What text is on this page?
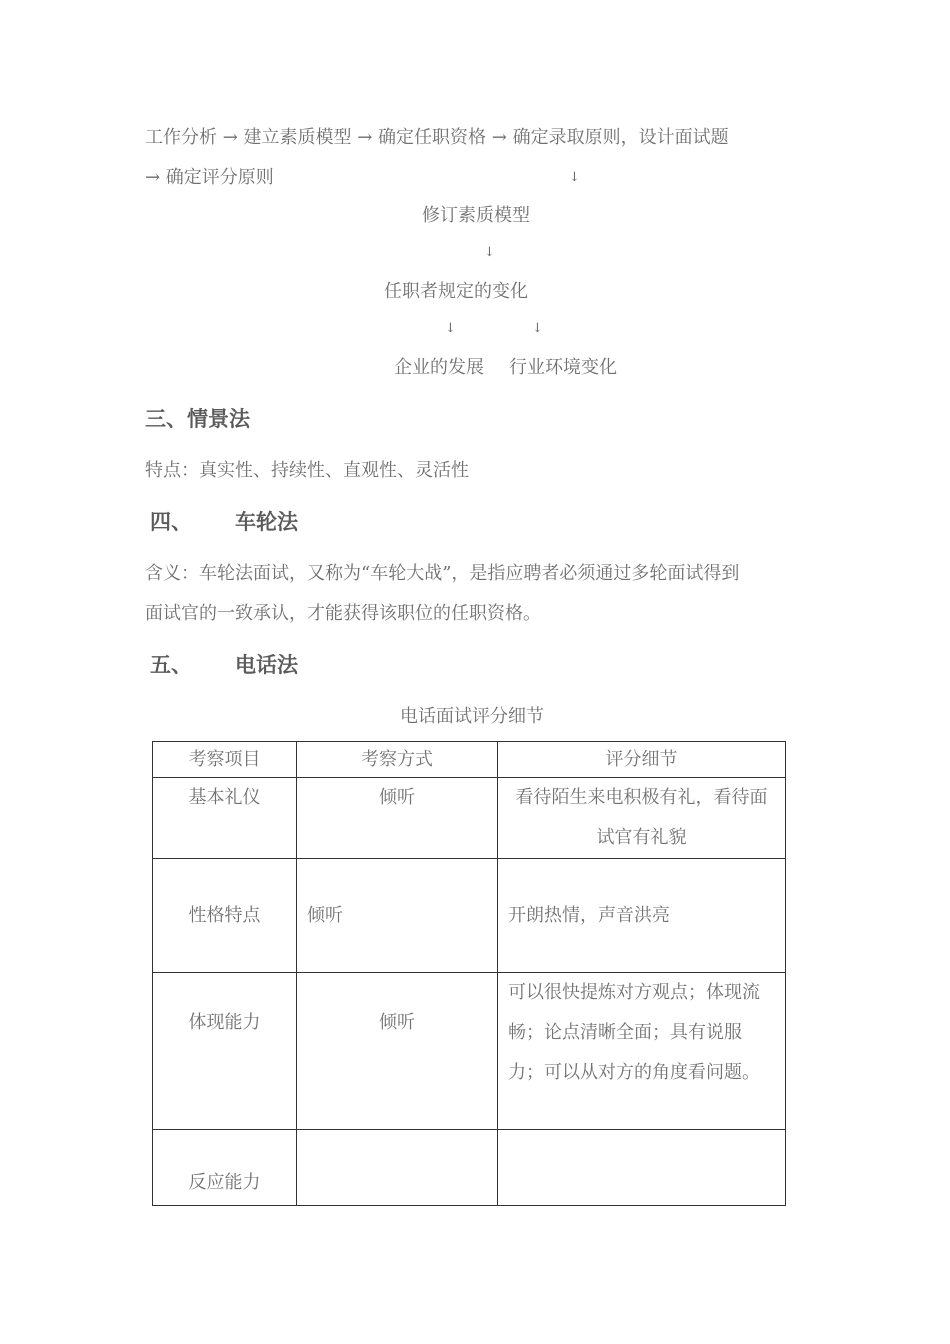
工作分析 → 建立素质模型 → 确定任职资格 → 确定录取原则，设计面试题
→ 确定评分原则	↓
修订素质模型
↓
任职者规定的变化
↓	↓
企业的发展 行业环境变化
三、情景法
特点：真实性、持续性、直观性、灵活性
四、 车轮法
含义：车轮法面试，又称为“车轮大战”，是指应聘者必须通过多轮面试得到
面试官的一致承认，才能获得该职位的任职资格。
五、 电话法
电话面试评分细节
考察项目	考察方式	评分细节
基本礼仪	倾听	看待陌生来电积极有礼，看待面
试官有礼貌

性格特点	倾听	开朗热情，声音洪亮

体现能力	倾听	可以很快提炼对方观点；体现流
畅；论点清晰全面；具有说服
力；可以从对方的角度看问题。

反应能力		
